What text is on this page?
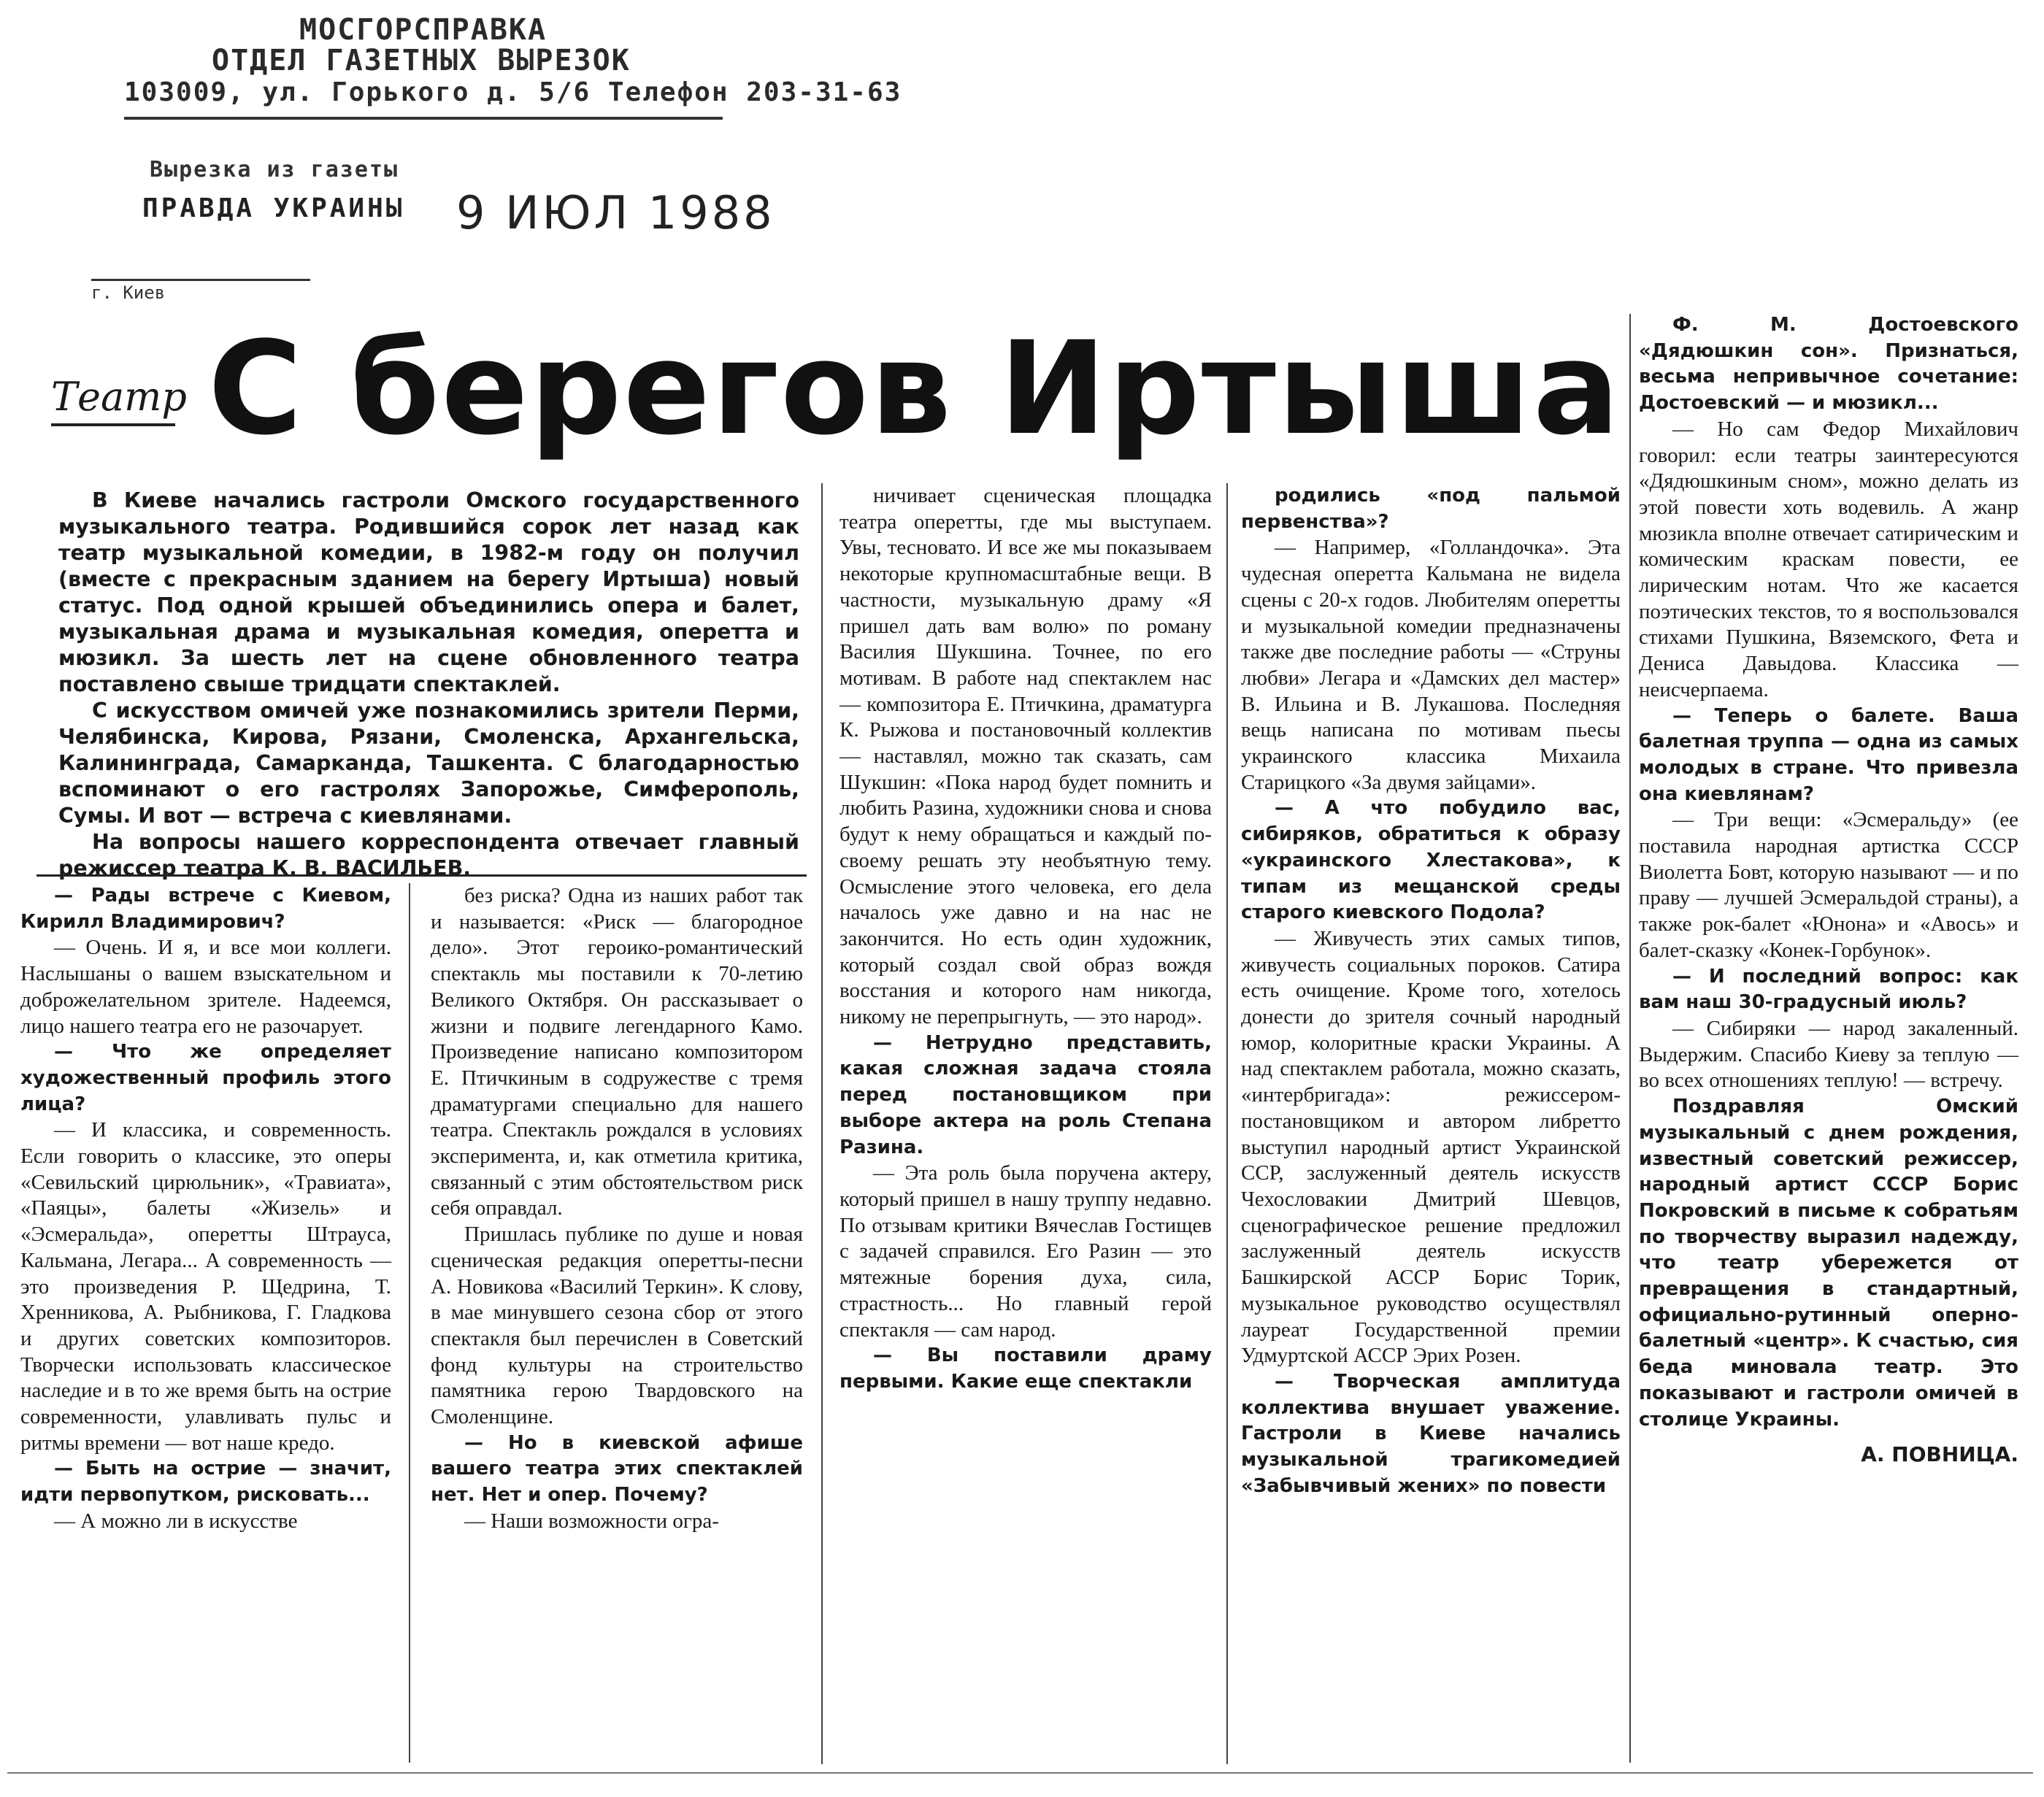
МОСГОРСПРАВКА
ОТДЕЛ ГАЗЕТНЫХ ВЫРЕЗОК
103009, ул. Горького д. 5/6 Телефон 203-31-63
Вырезка из газеты
ПРАВДА УКРАИНЫ 9 ИЮЛ 1988
г. Киев
Театр С берегов Иртыша

В Киеве начались гастроли Омского государственного музыкального театра. Родившийся сорок лет назад как театр музыкальной комедии, в 1982-м году он получил (вместе с прекрасным зданием на берегу Иртыша) новый статус. Под одной крышей объединились опера и балет, музыкальная драма и музыкальная комедия, оперетта и мюзикл. За шесть лет на сцене обновленного театра поставлено свыше тридцати спектаклей.

С искусством омичей уже познакомились зрители Перми, Челябинска, Кирова, Рязани, Смоленска, Архангельска, Калининграда, Самарканда, Ташкента. С благодарностью вспоминают о его гастролях Запорожье, Симферополь, Сумы. И вот — встреча с киевлянами.

На вопросы нашего корреспондента отвечает главный режиссер театра К. В. ВАСИЛЬЕВ.

— Рады встрече с Киевом, Кирилл Владимирович?

— Очень. И я, и все мои коллеги. Наслышаны о вашем взыскательном и доброжелательном зрителе. Надеемся, лицо нашего театра его не разочарует.

— Что же определяет художественный профиль этого лица?

— И классика, и современность. Если говорить о классике, это оперы «Севильский цирюльник», «Травиата», «Паяцы», балеты «Жизель» и «Эсмеральда», оперетты Штрауса, Кальмана, Легара... А современность — это произведения Р. Щедрина, Т. Хренникова, А. Рыбникова, Г. Гладкова и других советских композиторов. Творчески использовать классическое наследие и в то же время быть на острие современности, улавливать пульс и ритмы времени — вот наше кредо.

— Быть на острие — значит, идти первопутком, рисковать...

— А можно ли в искусстве

без риска? Одна из наших работ так и называется: «Риск — благородное дело». Этот героико-романтический спектакль мы поставили к 70-летию Великого Октября. Он рассказывает о жизни и подвиге легендарного Камо. Произведение написано композитором Е. Птичкиным в содружестве с тремя драматургами специально для нашего театра. Спектакль рождался в условиях эксперимента, и, как отметила критика, связанный с этим обстоятельством риск себя оправдал.

Пришлась публике по душе и новая сценическая редакция оперетты-песни А. Новикова «Василий Теркин». К слову, в мае минувшего сезона сбор от этого спектакля был перечислен в Советский фонд культуры на строительство памятника герою Твардовского на Смоленщине.

— Но в киевской афише вашего театра этих спектаклей нет. Нет и опер. Почему?

— Наши возможности огра-

ничивает сценическая площадка театра оперетты, где мы выступаем. Увы, тесновато. И все же мы показываем некоторые крупномасштабные вещи. В частности, музыкальную драму «Я пришел дать вам волю» по роману Василия Шукшина. Точнее, по его мотивам. В работе над спектаклем нас — композитора Е. Птичкина, драматурга К. Рыжова и постановочный коллектив — наставлял, можно так сказать, сам Шукшин: «Пока народ будет помнить и любить Разина, художники снова и снова будут к нему обращаться и каждый по-своему решать эту необъятную тему. Осмысление этого человека, его дела началось уже давно и на нас не закончится. Но есть один художник, который создал свой образ вождя восстания и которого нам никогда, никому не перепрыгнуть, — это народ».

— Нетрудно представить, какая сложная задача стояла перед постановщиком при выборе актера на роль Степана Разина.

— Эта роль была поручена актеру, который пришел в нашу труппу недавно. По отзывам критики Вячеслав Гостищев с задачей справился. Его Разин — это мятежные борения духа, сила, страстность... Но главный герой спектакля — сам народ.

— Вы поставили драму первыми. Какие еще спектакли

родились «под пальмой первенства»?

— Например, «Голландочка». Эта чудесная оперетта Кальмана не видела сцены с 20-х годов. Любителям оперетты и музыкальной комедии предназначены также две последние работы — «Струны любви» Легара и «Дамских дел мастер» В. Ильина и В. Лукашова. Последняя вещь написана по мотивам пьесы украинского классика Михаила Старицкого «За двумя зайцами».

— А что побудило вас, сибиряков, обратиться к образу «украинского Хлестакова», к типам из мещанской среды старого киевского Подола?

— Живучесть этих самых типов, живучесть социальных пороков. Сатира есть очищение. Кроме того, хотелось донести до зрителя сочный народный юмор, колоритные краски Украины. А над спектаклем работала, можно сказать, «интербригада»: режиссером-постановщиком и автором либретто выступил народный артист Украинской ССР, заслуженный деятель искусств Чехословакии Дмитрий Шевцов, сценографическое решение предложил заслуженный деятель искусств Башкирской АССР Борис Торик, музыкальное руководство осуществлял лауреат Государственной премии Удмуртской АССР Эрих Розен.

— Творческая амплитуда коллектива внушает уважение. Гастроли в Киеве начались музыкальной трагикомедией «Забывчивый жених» по повести

Ф. М. Достоевского «Дядюшкин сон». Признаться, весьма непривычное сочетание: Достоевский — и мюзикл...

— Но сам Федор Михайлович говорил: если театры заинтересуются «Дядюшкиным сном», можно делать из этой повести хоть водевиль. А жанр мюзикла вполне отвечает сатирическим и комическим краскам повести, ее лирическим нотам. Что же касается поэтических текстов, то я воспользовался стихами Пушкина, Вяземского, Фета и Дениса Давыдова. Классика — неисчерпаема.

— Теперь о балете. Ваша балетная труппа — одна из самых молодых в стране. Что привезла она киевлянам?

— Три вещи: «Эсмеральду» (ее поставила народная артистка СССР Виолетта Бовт, которую называют — и по праву — лучшей Эсмеральдой страны), а также рок-балет «Юнона» и «Авось» и балет-сказку «Конек-Горбунок».

— И последний вопрос: как вам наш 30-градусный июль?

— Сибиряки — народ закаленный. Выдержим. Спасибо Киеву за теплую — во всех отношениях теплую! — встречу.

Поздравляя Омский музыкальный с днем рождения, известный советский режиссер, народный артист СССР Борис Покровский в письме к собратьям по творчеству выразил надежду, что театр убережется от превращения в стандартный, официально-рутинный оперно-балетный «центр». К счастью, сия беда миновала театр. Это показывают и гастроли омичей в столице Украины.

А. ПОВНИЦА.
